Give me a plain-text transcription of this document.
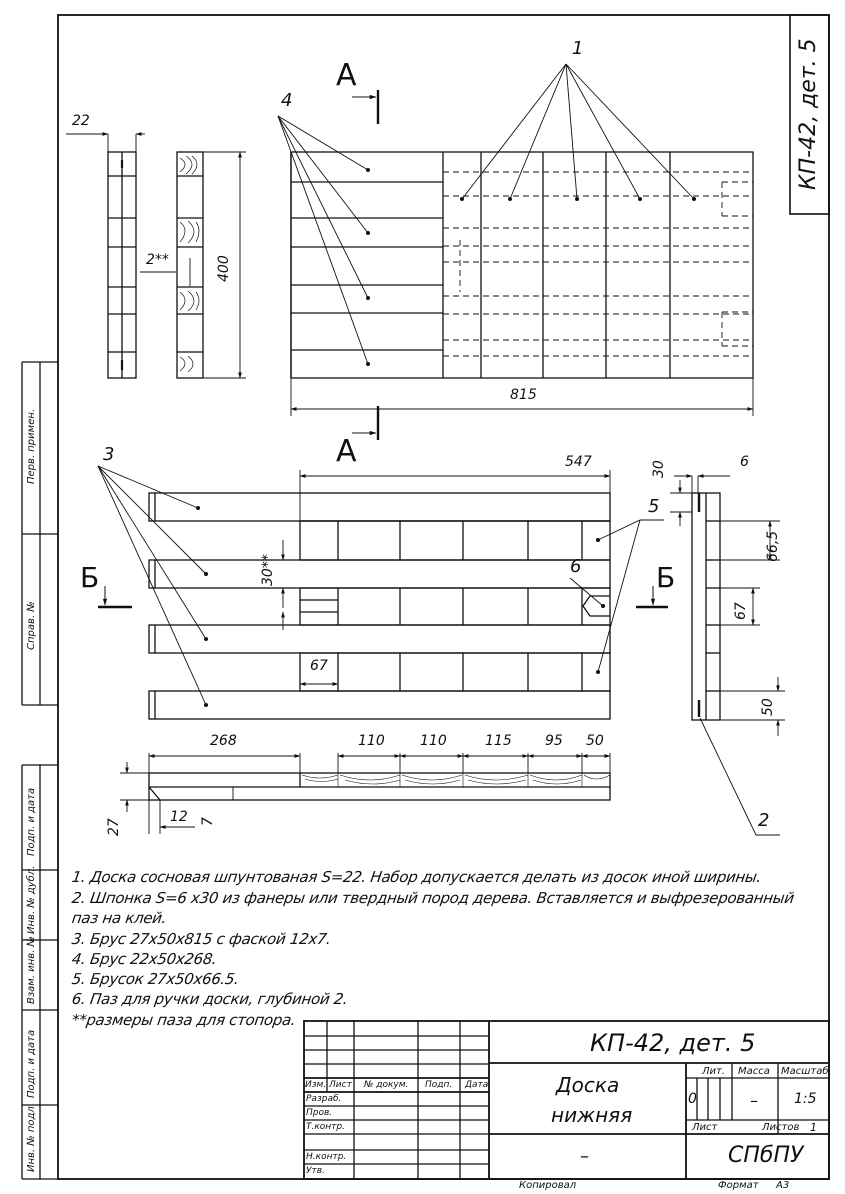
КП-42, дет. 5
Перв. примен.
Справ. №
Подп. и дата
Инв. № дубл.
Взам. инв. №
Подп. и дата
Инв. № подл.
А
А
Б	Б
1
4
3
5
6
2
22
2**	400
815
547
30**
67
30	6
66,5
67
50
268	110	110	115 95 50
27
12 7
1. Доска сосновая шпунтованая S=22. Набор допускается делать из досок иной ширины.
2. Шпонка S=6 x30 из фанеры или твердный пород дерева. Вставляется и выфрезерованный
паз на клей.
3. Брус 27x50x815 с фаской 12x7.
4. Брус 22x50x268.
5. Брусок 27x50x66.5.
6. Паз для ручки доски, глубиной 2.
**размеры паза для стопора.
КП-42, дет. 5
Доска
нижняя
Изм. Лист № докум. Подп. Дата
Разраб.
Пров.
Т.контр.
Н.контр.
Утв.
Лит. Масса Масштаб
0	–	1:5
Лист	Листов 1
СПбПУ
–
Копировал	Формат А3
